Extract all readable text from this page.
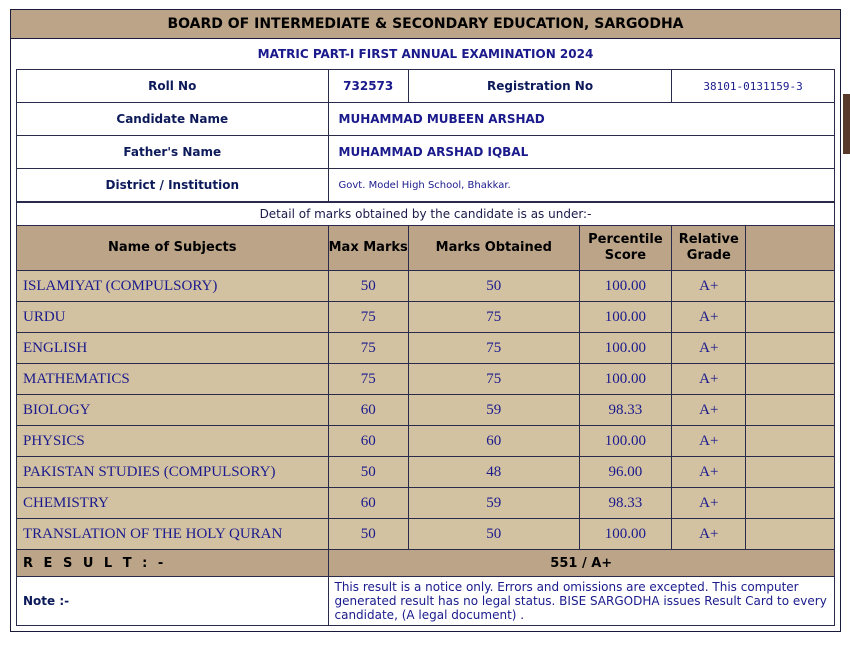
BOARD OF INTERMEDIATE & SECONDARY EDUCATION, SARGODHA
MATRIC PART-I FIRST ANNUAL EXAMINATION 2024
Roll No	732573	Registration No	38101-0131159-3
Candidate Name	MUHAMMAD MUBEEN ARSHAD		
Father's Name	MUHAMMAD ARSHAD IQBAL		
District / Institution	Govt. Model High School, Bhakkar.		
Detail of marks obtained by the candidate is as under:-					
Name of Subjects	Max Marks	Marks Obtained	Percentile Score	Relative Grade	
ISLAMIYAT (COMPULSORY)	50	50	100.00	A+	
URDU	75	75	100.00	A+	
ENGLISH	75	75	100.00	A+	
MATHEMATICS	75	75	100.00	A+	
BIOLOGY	60	59	98.33	A+	
PHYSICS	60	60	100.00	A+	
PAKISTAN STUDIES (COMPULSORY)	50	48	96.00	A+	
CHEMISTRY	60	59	98.33	A+	
TRANSLATION OF THE HOLY QURAN	50	50	100.00	A+	
R E S U L T : -	551 / A+				
Note :-	This result is a notice only. Errors and omissions are excepted. This computer generated result has no legal status. BISE SARGODHA issues Result Card to every candidate, (A legal document) .				
